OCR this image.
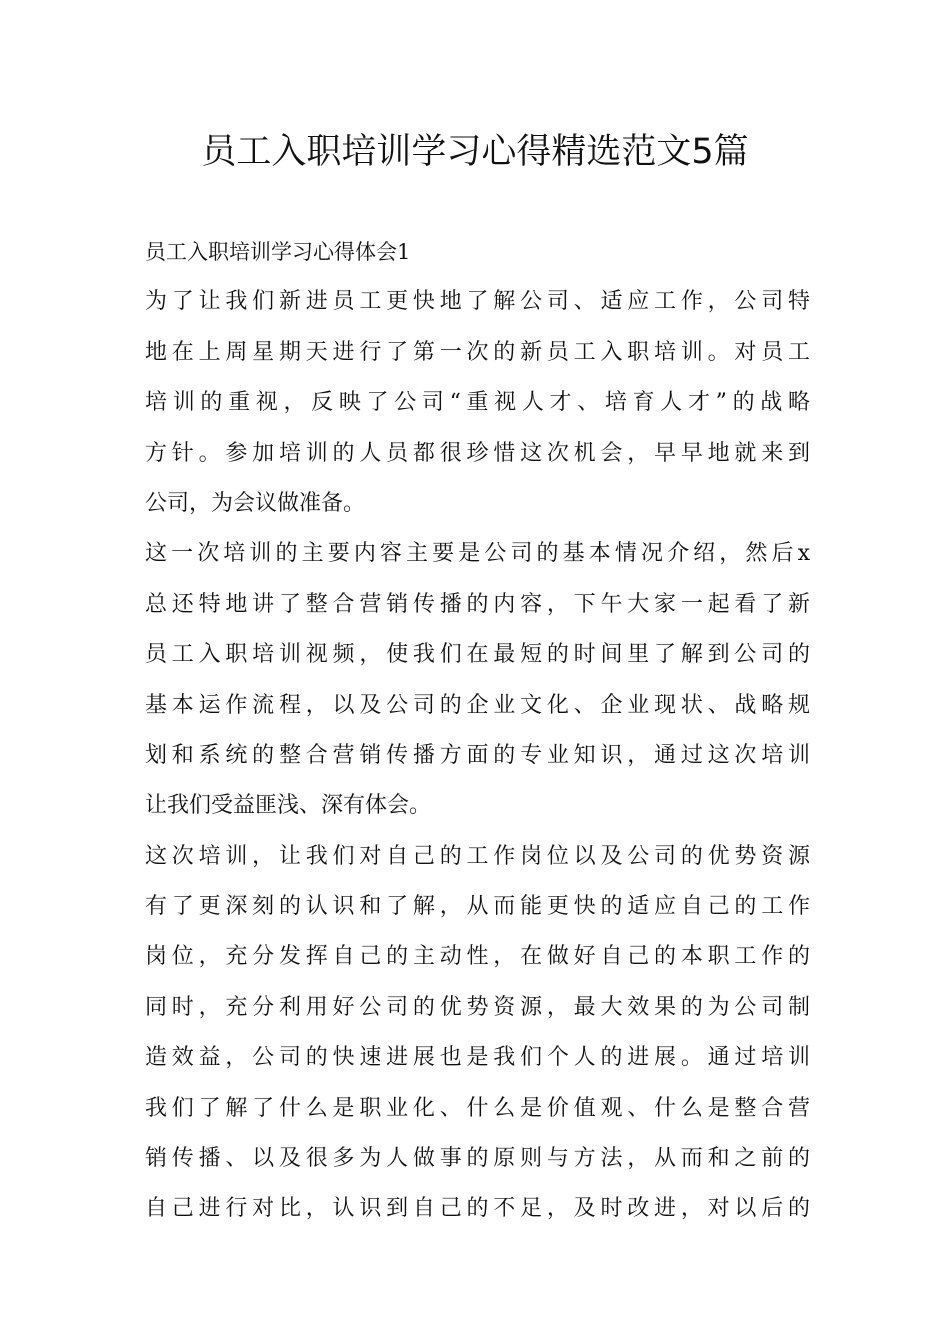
员工入职培训学习心得精选范文5篇

员工入职培训学习心得体会1

为了让我们新进员工更快地了解公司、适应工作，公司特

地在上周星期天进行了第一次的新员工入职培训。对员工

培训的重视，反映了公司“重视人才、培育人才”的战略

方针。参加培训的人员都很珍惜这次机会，早早地就来到

公司，为会议做准备。

这一次培训的主要内容主要是公司的基本情况介绍，然后x

总还特地讲了整合营销传播的内容，下午大家一起看了新

员工入职培训视频，使我们在最短的时间里了解到公司的

基本运作流程，以及公司的企业文化、企业现状、战略规

划和系统的整合营销传播方面的专业知识，通过这次培训

让我们受益匪浅、深有体会。

这次培训，让我们对自己的工作岗位以及公司的优势资源

有了更深刻的认识和了解，从而能更快的适应自己的工作

岗位，充分发挥自己的主动性，在做好自己的本职工作的

同时，充分利用好公司的优势资源，最大效果的为公司制

造效益，公司的快速进展也是我们个人的进展。通过培训

我们了解了什么是职业化、什么是价值观、什么是整合营

销传播、以及很多为人做事的原则与方法，从而和之前的

自己进行对比，认识到自己的不足，及时改进，对以后的
